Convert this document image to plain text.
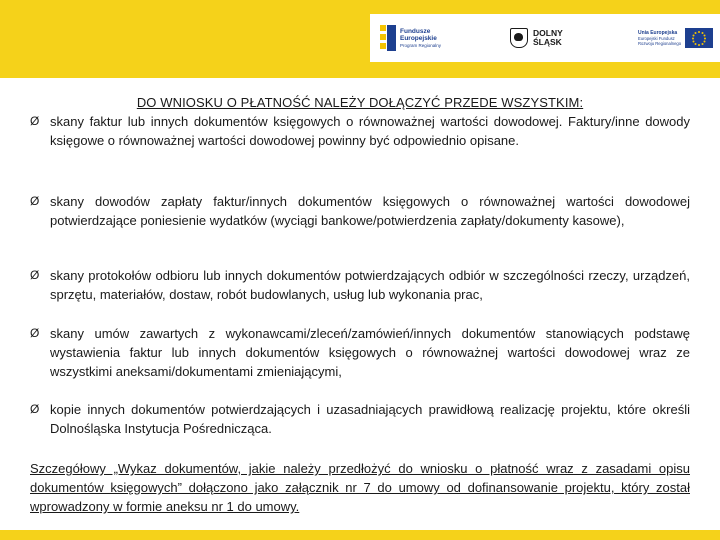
Fundusze
Europejskie
Program Regionalny
DOLNY
ŚLĄSK
Unia Europejska
Europejski Fundusz
Rozwoju Regionalnego
DO WNIOSKU O PŁATNOŚĆ NALEŻY DOŁĄCZYĆ PRZEDE WSZYSTKIM:
Ø skany faktur lub innych dokumentów księgowych o równoważnej wartości dowodowej. Faktury/inne dowody księgowe o równoważnej wartości dowodowej powinny być odpowiednio opisane.
Ø skany dowodów zapłaty faktur/innych dokumentów księgowych o równoważnej wartości dowodowej potwierdzające poniesienie wydatków (wyciągi bankowe/potwierdzenia zapłaty/dokumenty kasowe),
Ø skany protokołów odbioru lub innych dokumentów potwierdzających odbiór w szczególności rzeczy, urządzeń, sprzętu, materiałów, dostaw, robót budowlanych, usług lub wykonania prac,
Ø skany umów zawartych z wykonawcami/zleceń/zamówień/innych dokumentów stanowiących podstawę wystawienia faktur lub innych dokumentów księgowych o równoważnej wartości dowodowej wraz ze wszystkimi aneksami/dokumentami zmieniającymi,
Ø kopie innych dokumentów potwierdzających i uzasadniających prawidłową realizację projektu, które określi Dolnośląska Instytucja Pośrednicząca.
Szczegółowy „Wykaz dokumentów, jakie należy przedłożyć do wniosku o płatność wraz z zasadami opisu dokumentów księgowych” dołączono jako załącznik nr 7 do umowy od dofinansowanie projektu, który został wprowadzony w formie aneksu nr 1 do umowy.
